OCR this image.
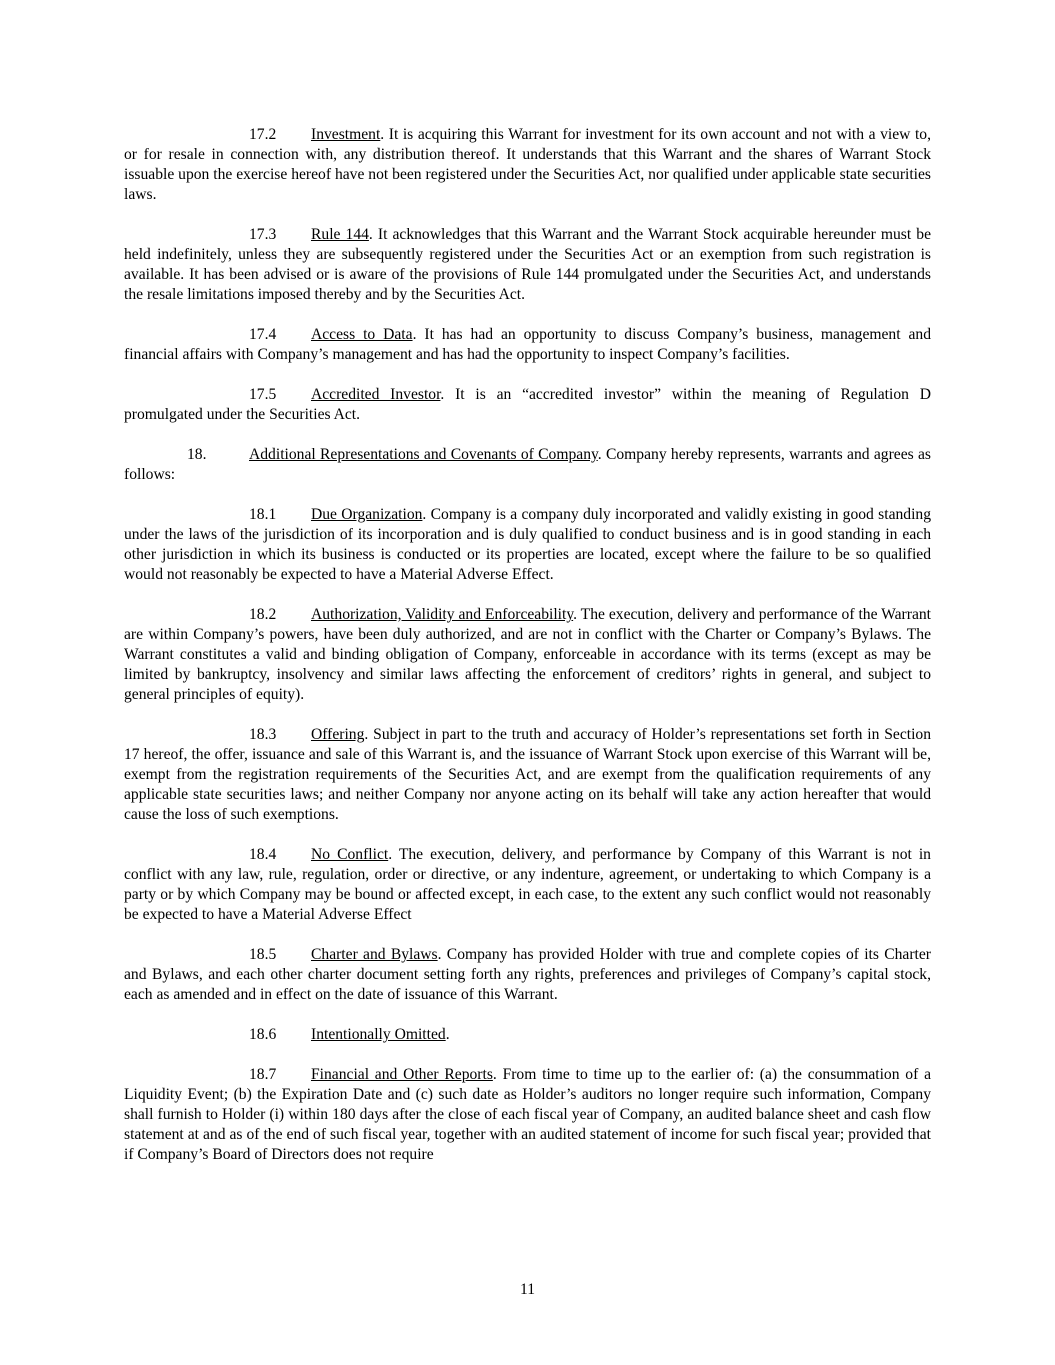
17.2 Investment. It is acquiring this Warrant for investment for its own account and not with a view to, or for resale in connection with, any distribution thereof. It understands that this Warrant and the shares of Warrant Stock issuable upon the exercise hereof have not been registered under the Securities Act, nor qualified under applicable state securities laws.

17.3 Rule 144. It acknowledges that this Warrant and the Warrant Stock acquirable hereunder must be held indefinitely, unless they are subsequently registered under the Securities Act or an exemption from such registration is available. It has been advised or is aware of the provisions of Rule 144 promulgated under the Securities Act, and understands the resale limitations imposed thereby and by the Securities Act.

17.4 Access to Data. It has had an opportunity to discuss Company’s business, management and financial affairs with Company’s management and has had the opportunity to inspect Company’s facilities.

17.5 Accredited Investor. It is an “accredited investor” within the meaning of Regulation D promulgated under the Securities Act.

18.	Additional Representations and Covenants of Company. Company hereby represents, warrants and agrees as follows:

18.1 Due Organization. Company is a company duly incorporated and validly existing in good standing under the laws of the jurisdiction of its incorporation and is duly qualified to conduct business and is in good standing in each other jurisdiction in which its business is conducted or its properties are located, except where the failure to be so qualified would not reasonably be expected to have a Material Adverse Effect.

18.2 Authorization, Validity and Enforceability. The execution, delivery and performance of the Warrant are within Company’s powers, have been duly authorized, and are not in conflict with the Charter or Company’s Bylaws. The Warrant constitutes a valid and binding obligation of Company, enforceable in accordance with its terms (except as may be limited by bankruptcy, insolvency and similar laws affecting the enforcement of creditors’ rights in general, and subject to general principles of equity).

18.3 Offering. Subject in part to the truth and accuracy of Holder’s representations set forth in Section 17 hereof, the offer, issuance and sale of this Warrant is, and the issuance of Warrant Stock upon exercise of this Warrant will be, exempt from the registration requirements of the Securities Act, and are exempt from the qualification requirements of any applicable state securities laws; and neither Company nor anyone acting on its behalf will take any action hereafter that would cause the loss of such exemptions.

18.4 No Conflict. The execution, delivery, and performance by Company of this Warrant is not in conflict with any law, rule, regulation, order or directive, or any indenture, agreement, or undertaking to which Company is a party or by which Company may be bound or affected except, in each case, to the extent any such conflict would not reasonably be expected to have a Material Adverse Effect

18.5 Charter and Bylaws. Company has provided Holder with true and complete copies of its Charter and Bylaws, and each other charter document setting forth any rights, preferences and privileges of Company’s capital stock, each as amended and in effect on the date of issuance of this Warrant.

18.6 Intentionally Omitted.

18.7 Financial and Other Reports. From time to time up to the earlier of: (a) the consummation of a Liquidity Event; (b) the Expiration Date and (c) such date as Holder’s auditors no longer require such information, Company shall furnish to Holder (i) within 180 days after the close of each fiscal year of Company, an audited balance sheet and cash flow statement at and as of the end of such fiscal year, together with an audited statement of income for such fiscal year; provided that if Company’s Board of Directors does not require

11
